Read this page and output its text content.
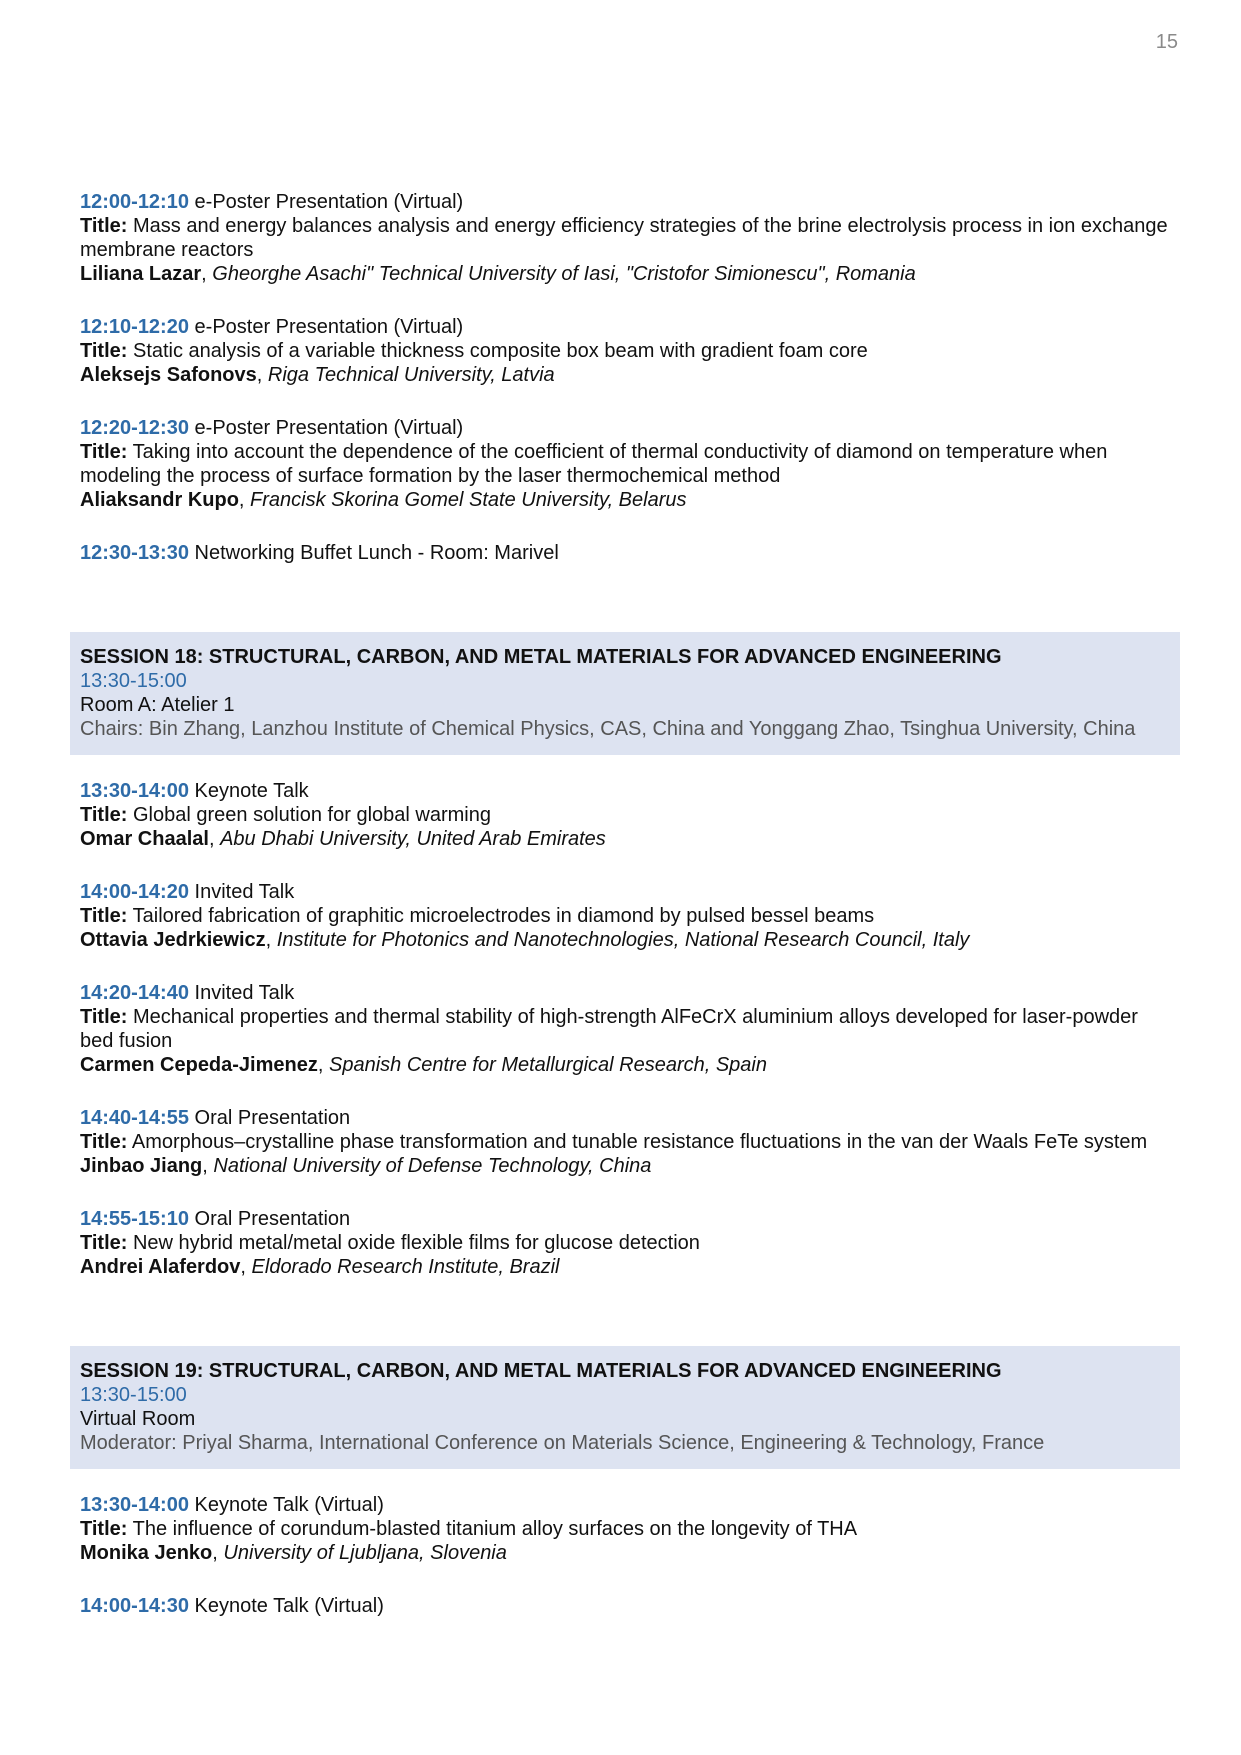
15

12:00-12:10 e-Poster Presentation (Virtual)

Title: Mass and energy balances analysis and energy efficiency strategies of the brine electrolysis process in ion exchange membrane reactors

Liliana Lazar, Gheorghe Asachi" Technical University of Iasi, "Cristofor Simionescu", Romania

12:10-12:20 e-Poster Presentation (Virtual)

Title: Static analysis of a variable thickness composite box beam with gradient foam core

Aleksejs Safonovs, Riga Technical University, Latvia

12:20-12:30 e-Poster Presentation (Virtual)

Title: Taking into account the dependence of the coefficient of thermal conductivity of diamond on temperature when modeling the process of surface formation by the laser thermochemical method

Aliaksandr Kupo, Francisk Skorina Gomel State University, Belarus

12:30-13:30 Networking Buffet Lunch - Room: Marivel

SESSION 18: STRUCTURAL, CARBON, AND METAL MATERIALS FOR ADVANCED ENGINEERING

13:30-15:00

Room A: Atelier 1

Chairs: Bin Zhang, Lanzhou Institute of Chemical Physics, CAS, China and Yonggang Zhao, Tsinghua University, China

13:30-14:00 Keynote Talk

Title: Global green solution for global warming

Omar Chaalal, Abu Dhabi University, United Arab Emirates

14:00-14:20 Invited Talk

Title: Tailored fabrication of graphitic microelectrodes in diamond by pulsed bessel beams

Ottavia Jedrkiewicz, Institute for Photonics and Nanotechnologies, National Research Council, Italy

14:20-14:40 Invited Talk

Title: Mechanical properties and thermal stability of high-strength AlFeCrX aluminium alloys developed for laser-powder bed fusion

Carmen Cepeda-Jimenez, Spanish Centre for Metallurgical Research, Spain

14:40-14:55 Oral Presentation

Title: Amorphous–crystalline phase transformation and tunable resistance fluctuations in the van der Waals FeTe system

Jinbao Jiang, National University of Defense Technology, China

14:55-15:10 Oral Presentation

Title: New hybrid metal/metal oxide flexible films for glucose detection

Andrei Alaferdov, Eldorado Research Institute, Brazil

SESSION 19: STRUCTURAL, CARBON, AND METAL MATERIALS FOR ADVANCED ENGINEERING

13:30-15:00

Virtual Room

Moderator: Priyal Sharma, International Conference on Materials Science, Engineering & Technology, France

13:30-14:00 Keynote Talk (Virtual)

Title: The influence of corundum-blasted titanium alloy surfaces on the longevity of THA

Monika Jenko, University of Ljubljana, Slovenia

14:00-14:30 Keynote Talk (Virtual)
